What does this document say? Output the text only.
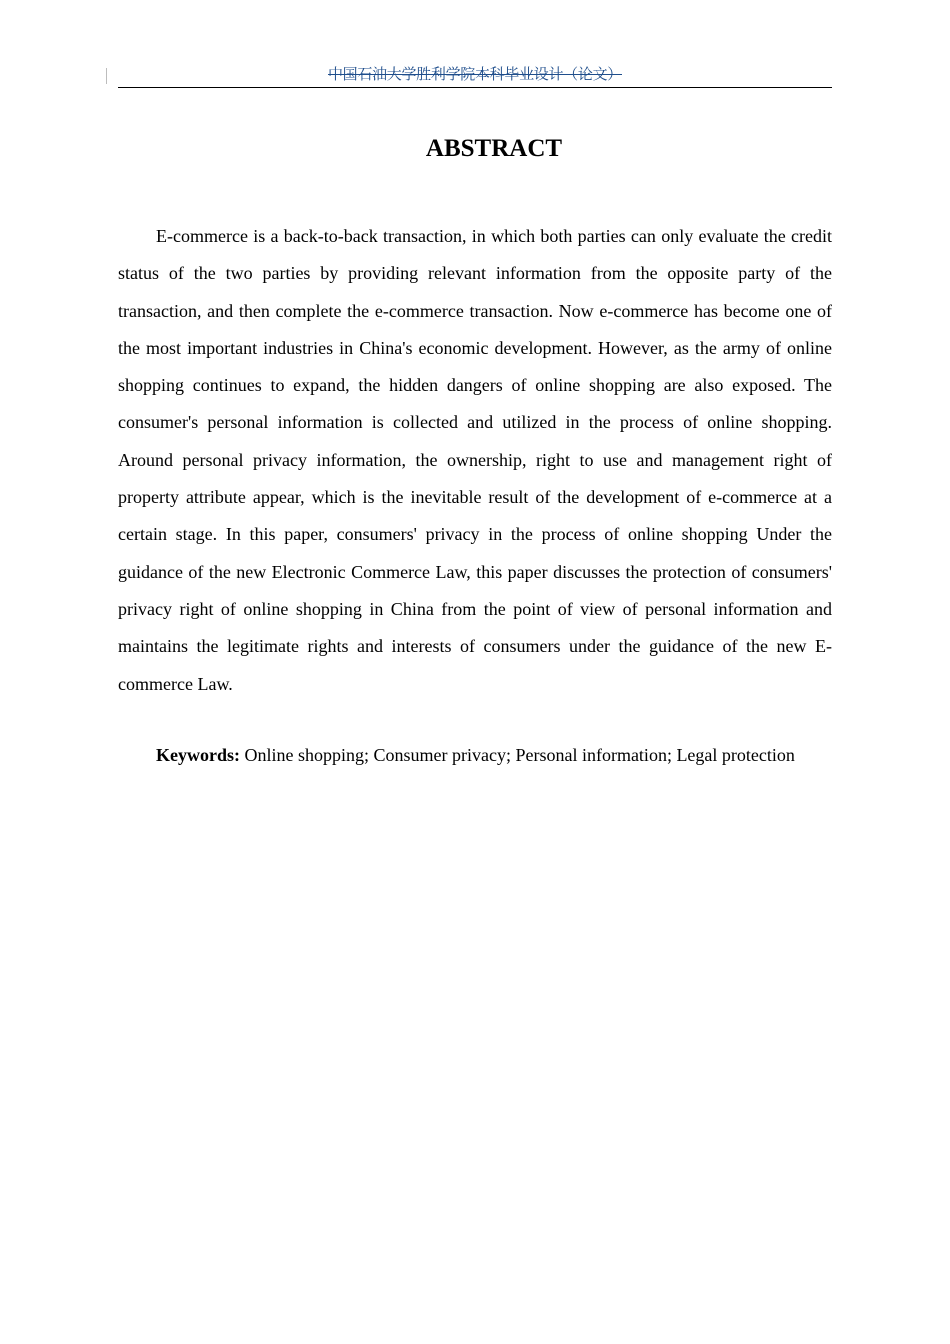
中国石油大学胜利学院本科毕业设计（论文）
ABSTRACT

E-commerce is a back-to-back transaction, in which both parties can only evaluate the credit status of the two parties by providing relevant information from the opposite party of the transaction, and then complete the e-commerce transaction. Now e-commerce has become one of the most important industries in China's economic development. However, as the army of online shopping continues to expand, the hidden dangers of online shopping are also exposed. The consumer's personal information is collected and utilized in the process of online shopping. Around personal privacy information, the ownership, right to use and management right of property attribute appear, which is the inevitable result of the development of e-commerce at a certain stage. In this paper, consumers' privacy in the process of online shopping Under the guidance of the new Electronic Commerce Law, this paper discusses the protection of consumers' privacy right of online shopping in China from the point of view of personal information and maintains the legitimate rights and interests of consumers under the guidance of the new E-commerce Law.

Keywords: Online shopping; Consumer privacy; Personal information; Legal protection
